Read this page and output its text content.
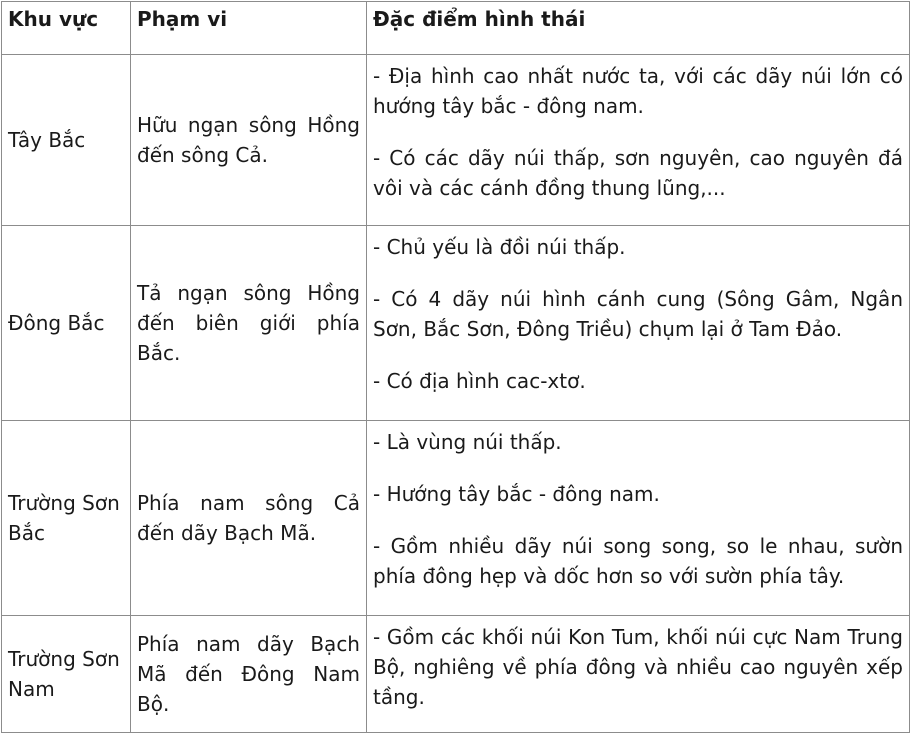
Khu vực	Phạm vi	Đặc điểm hình thái
Tây Bắc	Hữu ngạn sông Hồng đến sông Cả.	- Địa hình cao nhất nước ta, với các dãy núi lớn có hướng tây bắc - đông nam.

- Có các dãy núi thấp, sơn nguyên, cao nguyên đá vôi và các cánh đồng thung lũng,...

Đông Bắc	Tả ngạn sông Hồng đến biên giới phía Bắc.	- Chủ yếu là đồi núi thấp.

- Có 4 dãy núi hình cánh cung (Sông Gâm, Ngân Sơn, Bắc Sơn, Đông Triều) chụm lại ở Tam Đảo.

- Có địa hình cac-xtơ.

Trường Sơn Bắc	Phía nam sông Cả đến dãy Bạch Mã.	- Là vùng núi thấp.

- Hướng tây bắc - đông nam.

- Gồm nhiều dãy núi song song, so le nhau, sườn phía đông hẹp và dốc hơn so với sườn phía tây.

Trường Sơn Nam	Phía nam dãy Bạch Mã đến Đông Nam Bộ.	- Gồm các khối núi Kon Tum, khối núi cực Nam Trung Bộ, nghiêng về phía đông và nhiều cao nguyên xếp tầng.
